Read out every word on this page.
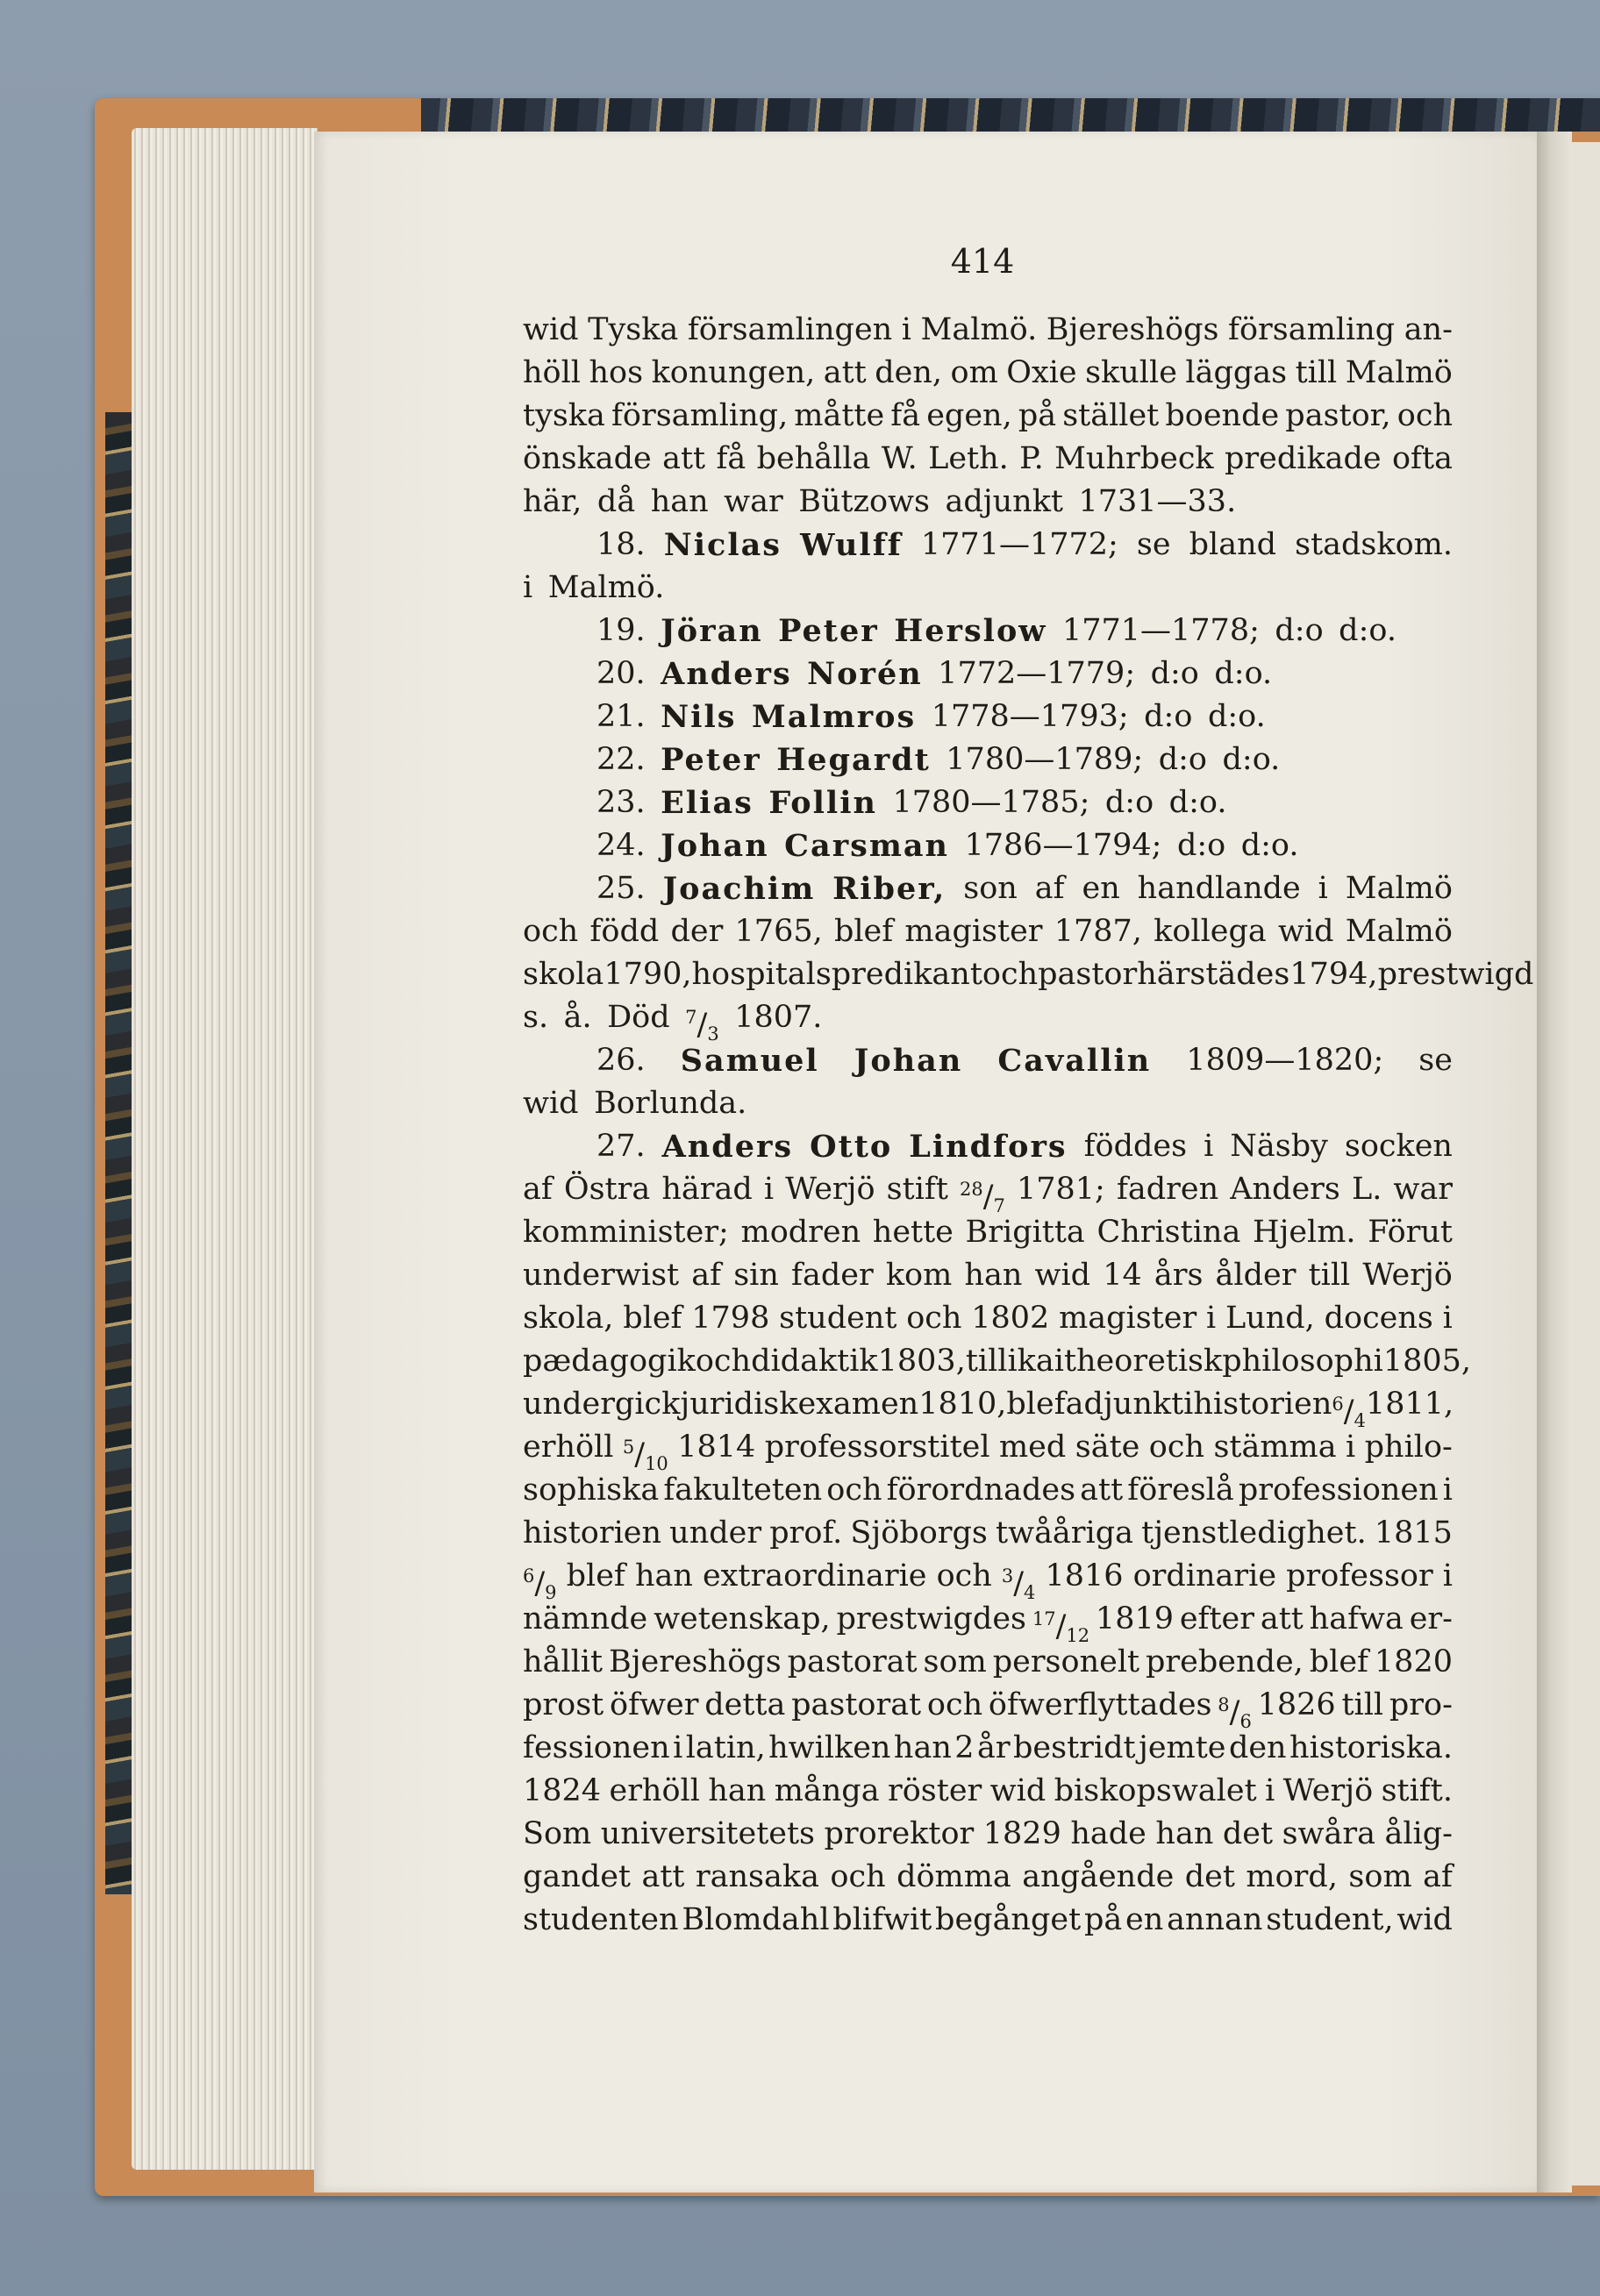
414
wid Tyska församlingen i Malmö. Bjereshögs församling an-
höll hos konungen, att den, om Oxie skulle läggas till Malmö
tyska församling, måtte få egen, på stället boende pastor, och
önskade att få behålla W. Leth. P. Muhrbeck predikade ofta
här, då han war Bützows adjunkt 1731—33.
18. Niclas Wulff 1771—1772; se bland stadskom.
i Malmö.
19. Jöran Peter Herslow 1771—1778; d:o d:o.
20. Anders Norén 1772—1779; d:o d:o.
21. Nils Malmros 1778—1793; d:o d:o.
22. Peter Hegardt 1780—1789; d:o d:o.
23. Elias Follin 1780—1785; d:o d:o.
24. Johan Carsman 1786—1794; d:o d:o.
25. Joachim Riber, son af en handlande i Malmö
och född der 1765, blef magister 1787, kollega wid Malmö
skola 1790, hospitalspredikant och pastor härstädes 1794, prestwigd
s. å. Död $^7/_3$ 1807.
26. Samuel Johan Cavallin 1809—1820; se
wid Borlunda.
27. Anders Otto Lindfors föddes i Näsby socken
af Östra härad i Werjö stift $^{28}/_7$ 1781; fadren Anders L. war
komminister; modren hette Brigitta Christina Hjelm. Förut
underwist af sin fader kom han wid 14 års ålder till Werjö
skola, blef 1798 student och 1802 magister i Lund, docens i
pædagogik och didaktik 1803, tillika i theoretisk philosophi 1805,
undergick juridisk examen 1810, blef adjunkt i historien $^6/_4$ 1811,
erhöll $^5/_{10}$ 1814 professorstitel med säte och stämma i philo-
sophiska fakulteten och förordnades att föreslå professionen i
historien under prof. Sjöborgs twååriga tjenstledighet. 1815
$^6/_9$ blef han extraordinarie och $^3/_4$ 1816 ordinarie professor i
nämnde wetenskap, prestwigdes $^{17}/_{12}$ 1819 efter att hafwa er-
hållit Bjereshögs pastorat som personelt prebende, blef 1820
prost öfwer detta pastorat och öfwerflyttades $^8/_6$ 1826 till pro-
fessionen i latin, hwilken han 2 år bestridt jemte den historiska.
1824 erhöll han många röster wid biskopswalet i Werjö stift.
Som universitetets prorektor 1829 hade han det swåra ålig-
gandet att ransaka och dömma angående det mord, som af
studenten Blomdahl blifwit begånget på en annan student, wid
